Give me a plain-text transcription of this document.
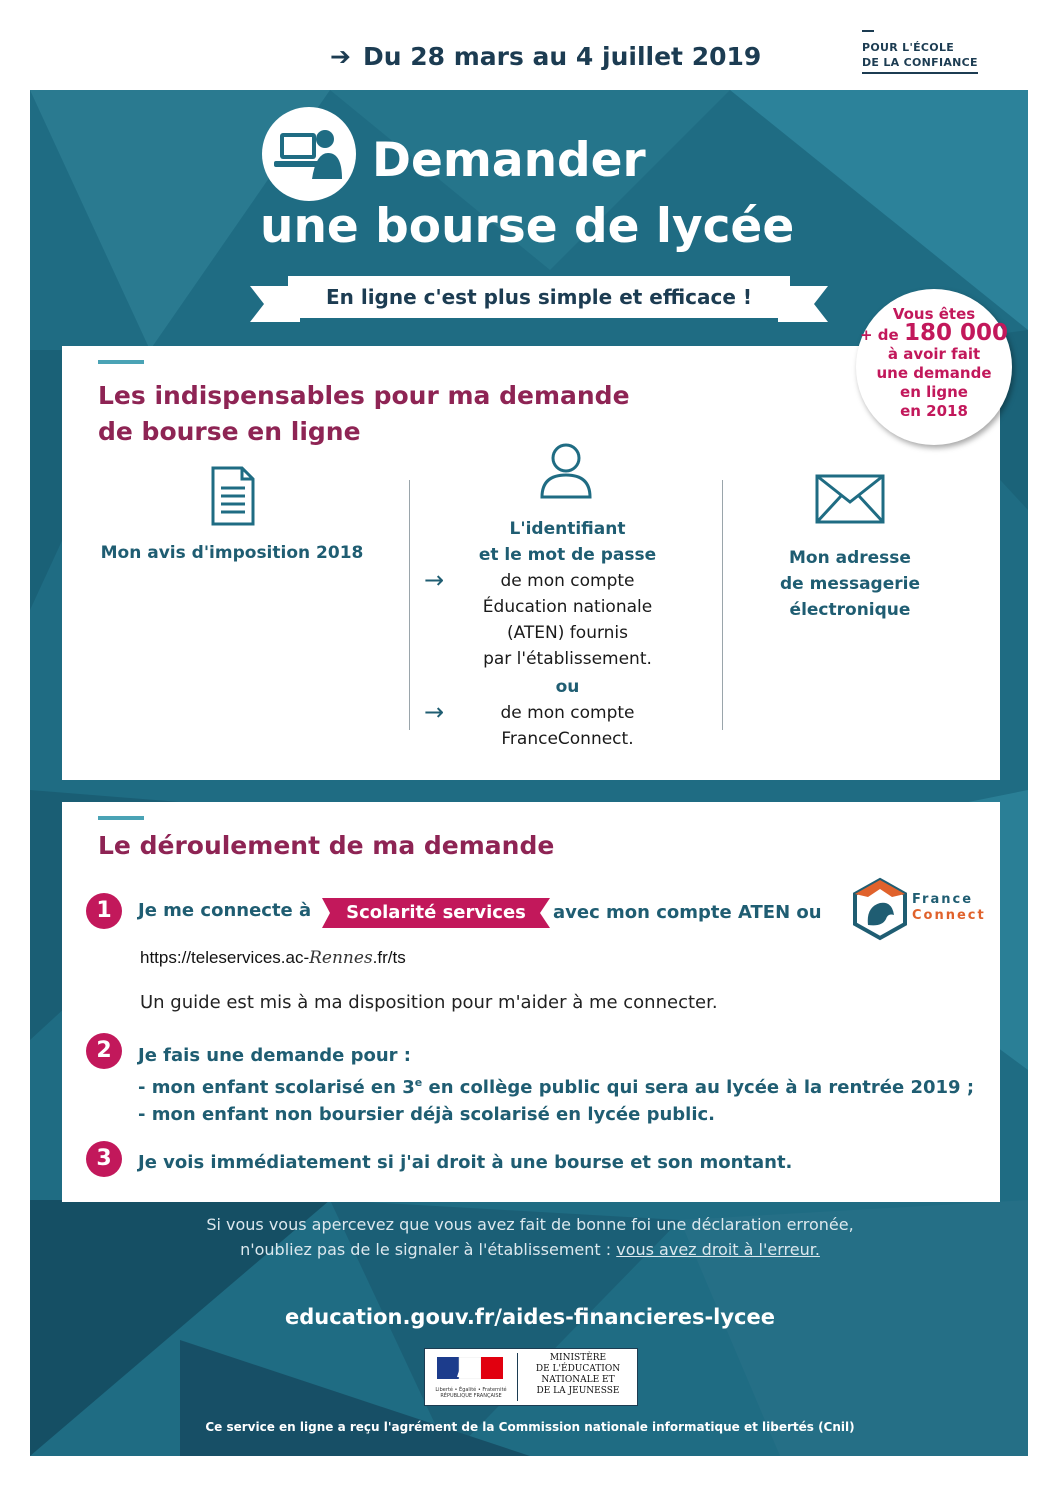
➔ Du 28 mars au 4 juillet 2019	POUR L'ÉCOLE
DE LA CONFIANCE
Demander
une bourse de lycée
En ligne c'est plus simple et efficace !
Les indispensables pour ma demande
de bourse en ligne
Vous êtes
+ de 180 000
à avoir fait
une demande
en ligne
en 2018
Mon avis d'imposition 2018
L'identifiant
et le mot de passe
→	de mon compte
Éducation nationale
(ATEN) fournis
par l'établissement.
ou
→	de mon compte
FranceConnect.
Mon adresse
de messagerie
électronique
Le déroulement de ma demande
1	Je me connecte à	Scolarité services	avec mon compte ATEN ou
France
Connect
https://teleservices.ac-Rennes.fr/ts
Un guide est mis à ma disposition pour m'aider à me connecter.
2	Je fais une demande pour :
- mon enfant scolarisé en 3e en collège public qui sera au lycée à la rentrée 2019 ;
- mon enfant non boursier déjà scolarisé en lycée public.
3	Je vois immédiatement si j'ai droit à une bourse et son montant.
Si vous vous apercevez que vous avez fait de bonne foi une déclaration erronée,
n'oubliez pas de le signaler à l'établissement : vous avez droit à l'erreur.
education.gouv.fr/aides-financieres-lycee
Liberté • Égalité • Fraternité
RÉPUBLIQUE FRANÇAISE
MINISTÈRE
DE L'ÉDUCATION
NATIONALE ET
DE LA JEUNESSE
Ce service en ligne a reçu l'agrément de la Commission nationale informatique et libertés (Cnil)
